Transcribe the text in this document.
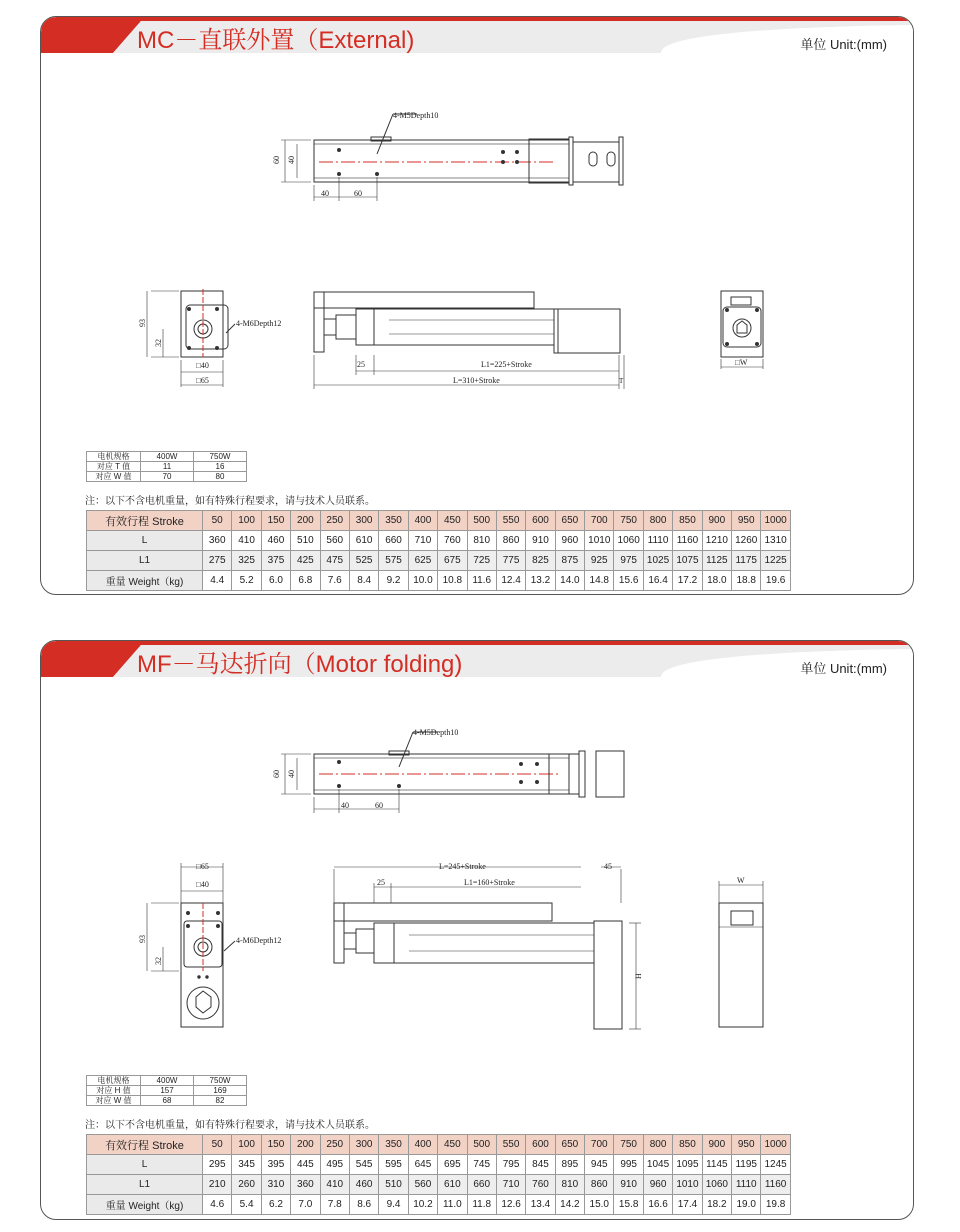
MC－直联外置（External)	单位 Unit:(mm)
4-M5Depth10
60 40
40	60
93
32
4-M6Depth12
□40
□65
25	L1=225+Stroke
L=310+Stroke	T
□W
电机规格	400W	750W
对应 T 值	11	16
对应 W 值	70	80
注：以下不含电机重量，如有特殊行程要求，请与技术人员联系。
有效行程 Stroke	50	100	150	200	250	300	350	400	450	500	550	600	650	700	750	800	850	900	950	1000
L	360	410	460	510	560	610	660	710	760	810	860	910	960	1010	1060	1110	1160	1210	1260	1310
L1	275	325	375	425	475	525	575	625	675	725	775	825	875	925	975	1025	1075	1125	1175	1225
重量 Weight（kg)	4.4	5.2	6.0	6.8	7.6	8.4	9.2	10.0	10.8	11.6	12.4	13.2	14.0	14.8	15.6	16.4	17.2	18.0	18.8	19.6
MF－马达折向（Motor folding)	单位 Unit:(mm)
4-M5Depth10
60 40
40	60
□65
□40
93
32
4-M6Depth12
L=245+Stroke	45
25	L1=160+Stroke
H
W
电机规格	400W	750W
对应 H 值	157	169
对应 W 值	68	82
注：以下不含电机重量，如有特殊行程要求，请与技术人员联系。
有效行程 Stroke	50	100	150	200	250	300	350	400	450	500	550	600	650	700	750	800	850	900	950	1000
L	295	345	395	445	495	545	595	645	695	745	795	845	895	945	995	1045	1095	1145	1195	1245
L1	210	260	310	360	410	460	510	560	610	660	710	760	810	860	910	960	1010	1060	1110	1160
重量 Weight（kg)	4.6	5.4	6.2	7.0	7.8	8.6	9.4	10.2	11.0	11.8	12.6	13.4	14.2	15.0	15.8	16.6	17.4	18.2	19.0	19.8
